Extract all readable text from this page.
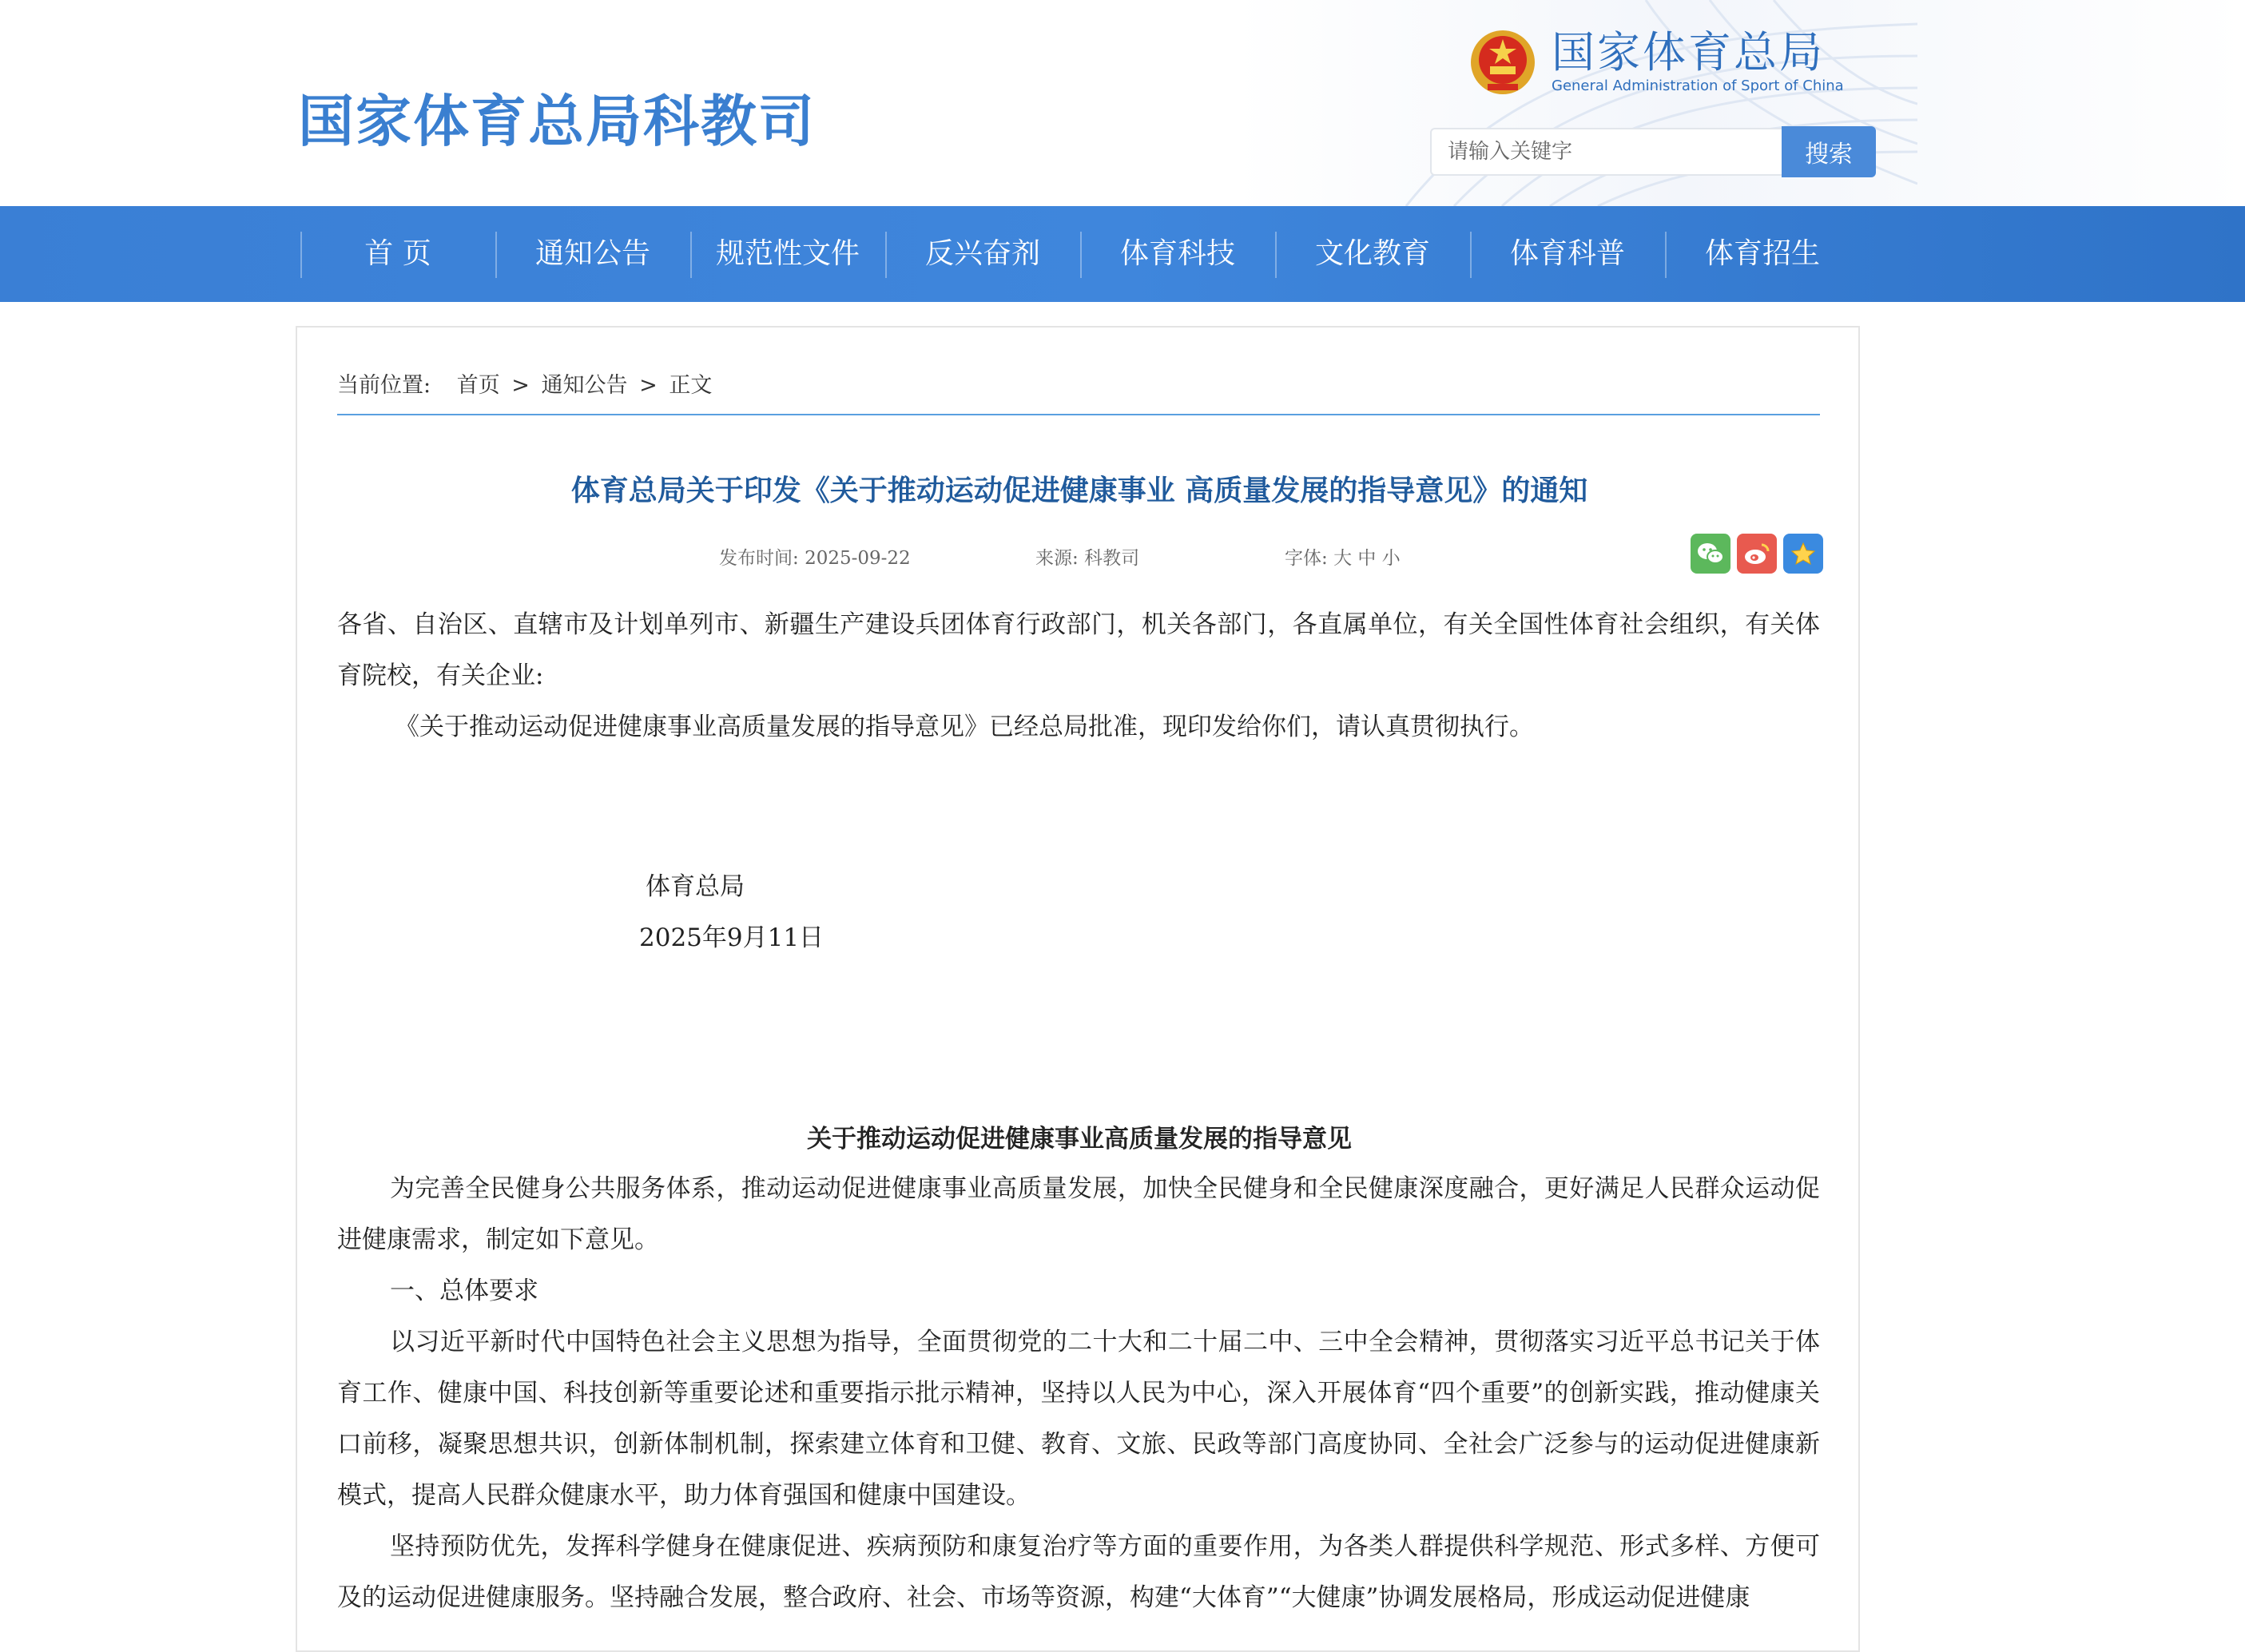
国家体育总局科教司
国家体育总局
General Administration of Sport of China
请输入关键字
搜索
首 页	通知公告	规范性文件	反兴奋剂	体育科技	文化教育	体育科普	体育招生
当前位置: 首页 > 通知公告 > 正文
体育总局关于印发《关于推动运动促进健康事业 高质量发展的指导意见》的通知
发布时间: 2025-09-22	来源: 科教司	字体: 大 中 小

各省、自治区、直辖市及计划单列市、新疆生产建设兵团体育行政部门，机关各部门，各直属单位，有关全国性体育社会组织，有关体育院校，有关企业:

《关于推动运动促进健康事业高质量发展的指导意见》已经总局批准，现印发给你们，请认真贯彻执行。

体育总局
2025年9月11日
关于推动运动促进健康事业高质量发展的指导意见

为完善全民健身公共服务体系，推动运动促进健康事业高质量发展，加快全民健身和全民健康深度融合，更好满足人民群众运动促进健康需求，制定如下意见。

一、总体要求

以习近平新时代中国特色社会主义思想为指导，全面贯彻党的二十大和二十届二中、三中全会精神，贯彻落实习近平总书记关于体育工作、健康中国、科技创新等重要论述和重要指示批示精神，坚持以人民为中心，深入开展体育“四个重要”的创新实践，推动健康关口前移，凝聚思想共识，创新体制机制，探索建立体育和卫健、教育、文旅、民政等部门高度协同、全社会广泛参与的运动促进健康新模式，提高人民群众健康水平，助力体育强国和健康中国建设。

坚持预防优先，发挥科学健身在健康促进、疾病预防和康复治疗等方面的重要作用，为各类人群提供科学规范、形式多样、方便可及的运动促进健康服务。坚持融合发展，整合政府、社会、市场等资源，构建“大体育”“大健康”协调发展格局，形成运动促进健康
